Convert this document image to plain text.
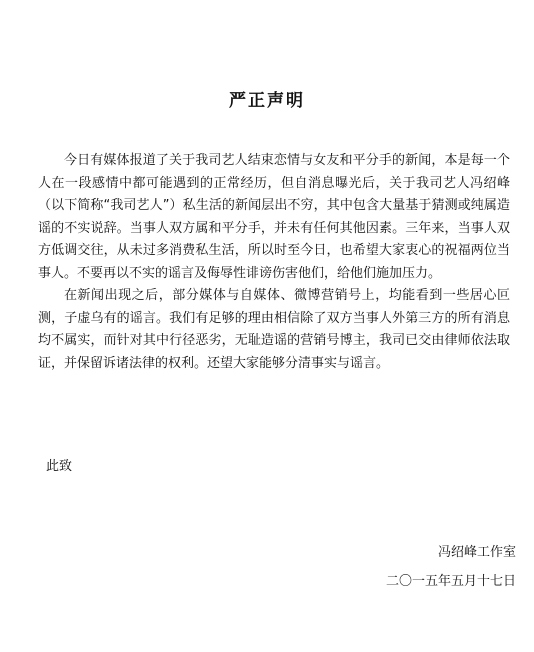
严正声明

今日有媒体报道了关于我司艺人结束恋情与女友和平分手的新闻，本是每一个人在一段感情中都可能遇到的正常经历，但自消息曝光后，关于我司艺人冯绍峰（以下简称“我司艺人”）私生活的新闻层出不穷，其中包含大量基于猜测或纯属造谣的不实说辞。当事人双方属和平分手，并未有任何其他因素。三年来，当事人双方低调交往，从未过多消费私生活，所以时至今日，也希望大家衷心的祝福两位当事人。不要再以不实的谣言及侮辱性诽谤伤害他们，给他们施加压力。

在新闻出现之后，部分媒体与自媒体、微博营销号上，均能看到一些居心叵测，子虚乌有的谣言。我们有足够的理由相信除了双方当事人外第三方的所有消息均不属实，而针对其中行径恶劣，无耻造谣的营销号博主，我司已交由律师依法取证，并保留诉诸法律的权利。还望大家能够分清事实与谣言。

此致
冯绍峰工作室
二〇一五年五月十七日
